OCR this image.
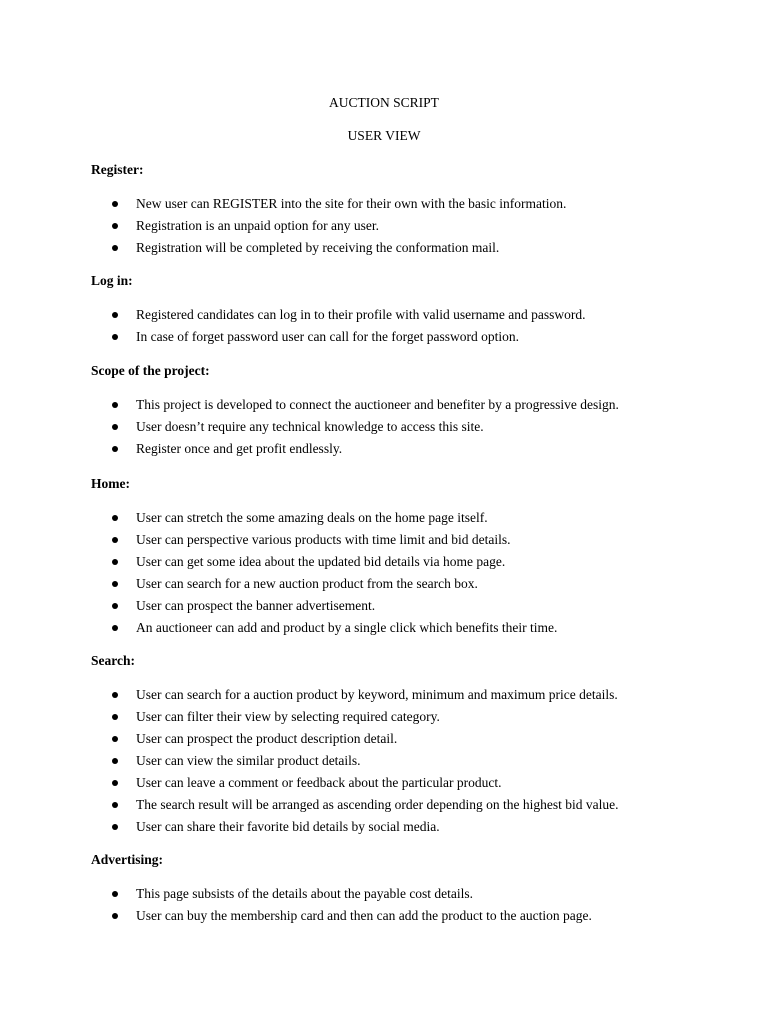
AUCTION SCRIPT
USER VIEW
Register:
New user can REGISTER into the site for their own with the basic information.
Registration is an unpaid option for any user.
Registration will be completed by receiving the conformation mail.
Log in:
Registered candidates can log in to their profile with valid username and password.
In case of forget password user can call for the forget password option.
Scope of the project:
This project is developed to connect the auctioneer and benefiter by a progressive design.
User doesn’t require any technical knowledge to access this site.
Register once and get profit endlessly.
Home:
User can stretch the some amazing deals on the home page itself.
User can perspective various products with time limit and bid details.
User can get some idea about the updated bid details via home page.
User can search for a new auction product from the search box.
User can prospect the banner advertisement.
An auctioneer can add and product by a single click which benefits their time.
Search:
User can search for a auction product by keyword, minimum and maximum price details.
User can filter their view by selecting required category.
User can prospect the product description detail.
User can view the similar product details.
User can leave a comment or feedback about the particular product.
The search result will be arranged as ascending order depending on the highest bid value.
User can share their favorite bid details by social media.
Advertising:
This page subsists of the details about the payable cost details.
User can buy the membership card and then can add the product to the auction page.
